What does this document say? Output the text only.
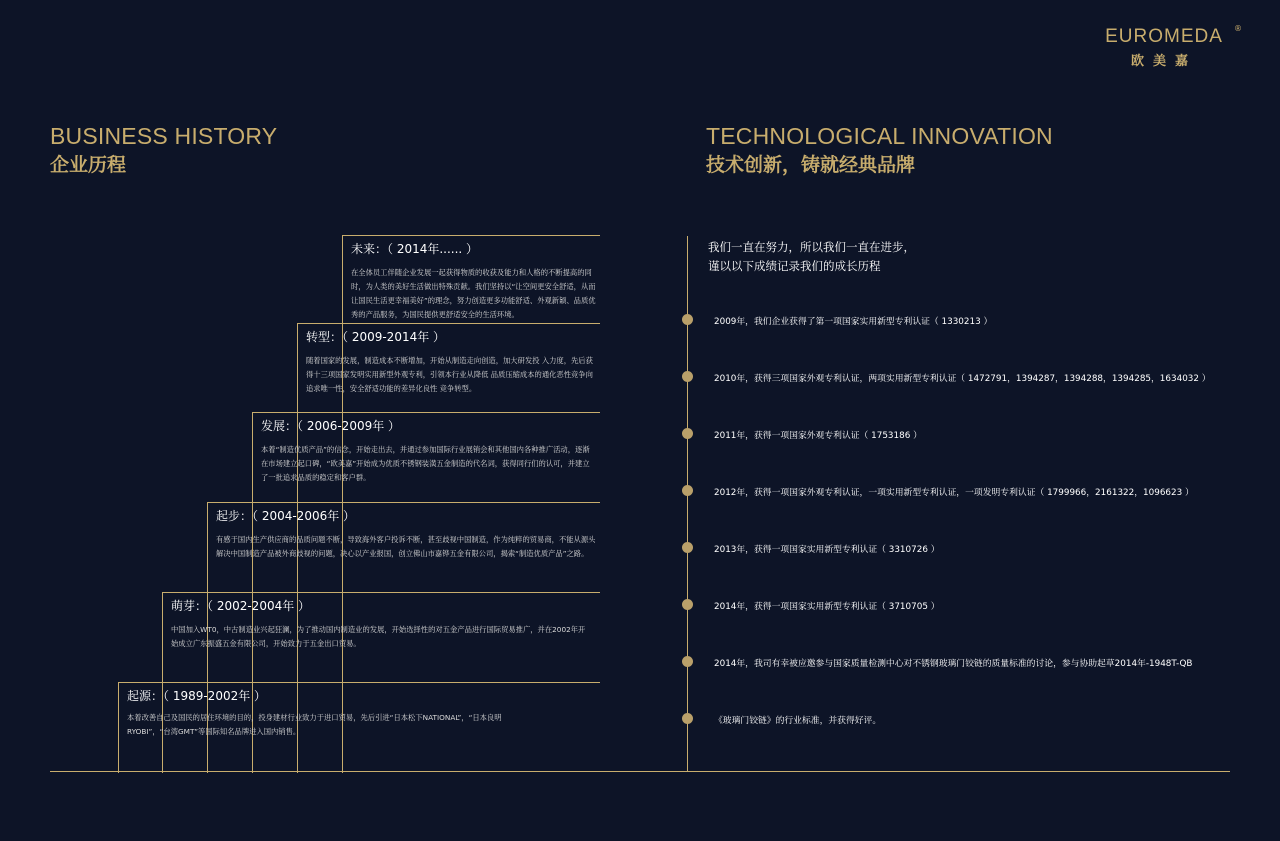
EUROMEDA	®
欧美嘉
BUSINESS HISTORY
企业历程
TECHNOLOGICAL INNOVATION
技术创新，铸就经典品牌
未来：（ 2014年...... ）
在全体员工伴随企业发展一起获得物质的收获及能力和人格的不断提高的同时，为人类的美好生活做出特殊贡献。我们坚持以“让空间更安全舒适，从而让国民生活更幸福美好”的理念，努力创造更多功能舒适、外观新颖、品质优秀的产品服务，为国民提供更舒适安全的生活环境。
转型：（ 2009-2014年 ）
随着国家的发展，制造成本不断增加，开始从制造走向创造，加大研发投 入力度，先后获得十三项国家发明实用新型外观专利，引领本行业从降低 品质压缩成本的通化恶性竞争向追求唯一性，安全舒适功能的差异化良性 竞争转型。
发展：（ 2006-2009年 ）
本着“制造优质产品”的信念，开始走出去，并通过参加国际行业展销会和其他国内各种推广活动，逐渐在市场建立起口碑，“欧美嘉”开始成为优质不锈钢装潢五金制造的代名词，获得同行们的认可，并建立了一批追求品质的稳定和客户群。
起步：（ 2004-2006年 ）
有感于国内生产供应商的品质问题不断，导致海外客户投诉不断，甚至歧视中国制造，作为纯粹的贸易商，不能从源头解决中国制造产品被外商歧视的问题，决心以产业报国，创立佛山市嘉铧五金有限公司，揭索“制造优质产品”之路。
萌芽：（ 2002-2004年 ）
中国加入WT0，中古制造业兴起狂澜，为了推动国内制造业的发展，开始选择性的对五金产品进行国际贸易推广，并在2002年开始成立广东振盛五金有限公司，开始致力于五金出口贸易。
起源：（ 1989-2002年 ）
本着改善自己及国民的居住环境的目的，投身建材行业致力于进口贸易，先后引进“日本松下NATIONAL”，“日本良明RYOBI”，“台湾GMT”等国际知名品牌进入国内销售。
我们一直在努力，所以我们一直在进步，
谨以以下成绩记录我们的成长历程
2009年，我们企业获得了第一项国家实用新型专利认证（ 1330213 ）
2010年，获得三项国家外观专利认证，两项实用新型专利认证（ 1472791，1394287，1394288，1394285，1634032 ）
2011年，获得一项国家外观专利认证（ 1753186 ）
2012年，获得一项国家外观专利认证，一项实用新型专利认证，一项发明专利认证（ 1799966，2161322，1096623 ）
2013年，获得一项国家实用新型专利认证（ 3310726 ）
2014年，获得一项国家实用新型专利认证（ 3710705 ）
2014年，我司有幸被应邀参与国家质量检测中心对不锈钢玻璃门铰链的质量标准的讨论，参与协助起草2014年-1948T-QB
《玻璃门铰链》的行业标准，并获得好评。
